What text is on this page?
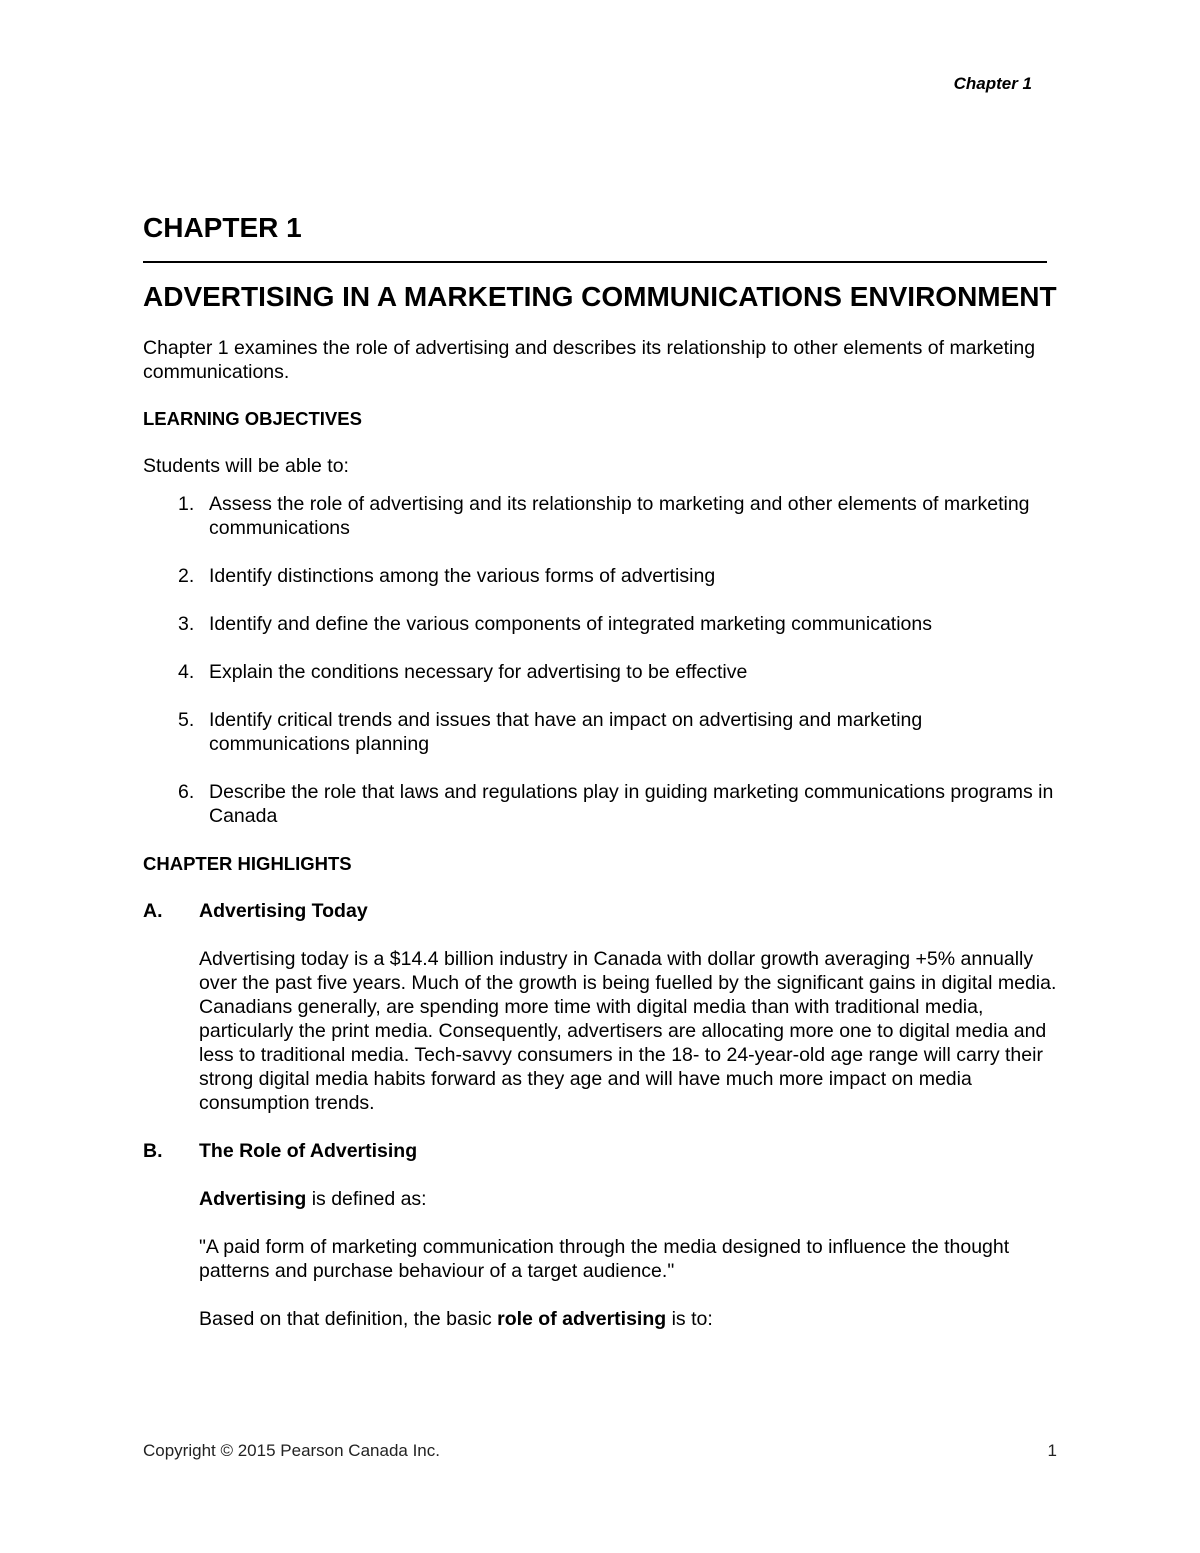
Chapter 1
CHAPTER 1
ADVERTISING IN A MARKETING COMMUNICATIONS ENVIRONMENT

Chapter 1 examines the role of advertising and describes its relationship to other elements of marketing communications.

LEARNING OBJECTIVES

Students will be able to:

1. Assess the role of advertising and its relationship to marketing and other elements of marketing communications
2. Identify distinctions among the various forms of advertising
3. Identify and define the various components of integrated marketing communications
4. Explain the conditions necessary for advertising to be effective
5. Identify critical trends and issues that have an impact on advertising and marketing communications planning
6. Describe the role that laws and regulations play in guiding marketing communications programs in Canada

CHAPTER HIGHLIGHTS

A. Advertising Today

Advertising today is a $14.4 billion industry in Canada with dollar growth averaging +5% annually over the past five years. Much of the growth is being fuelled by the significant gains in digital media. Canadians generally, are spending more time with digital media than with traditional media, particularly the print media. Consequently, advertisers are allocating more one to digital media and less to traditional media. Tech-savvy consumers in the 18- to 24-year-old age range will carry their strong digital media habits forward as they age and will have much more impact on media consumption trends.

B. The Role of Advertising

Advertising is defined as:

"A paid form of marketing communication through the media designed to influence the thought patterns and purchase behaviour of a target audience."

Based on that definition, the basic role of advertising is to:

Copyright © 2015 Pearson Canada Inc.	1
